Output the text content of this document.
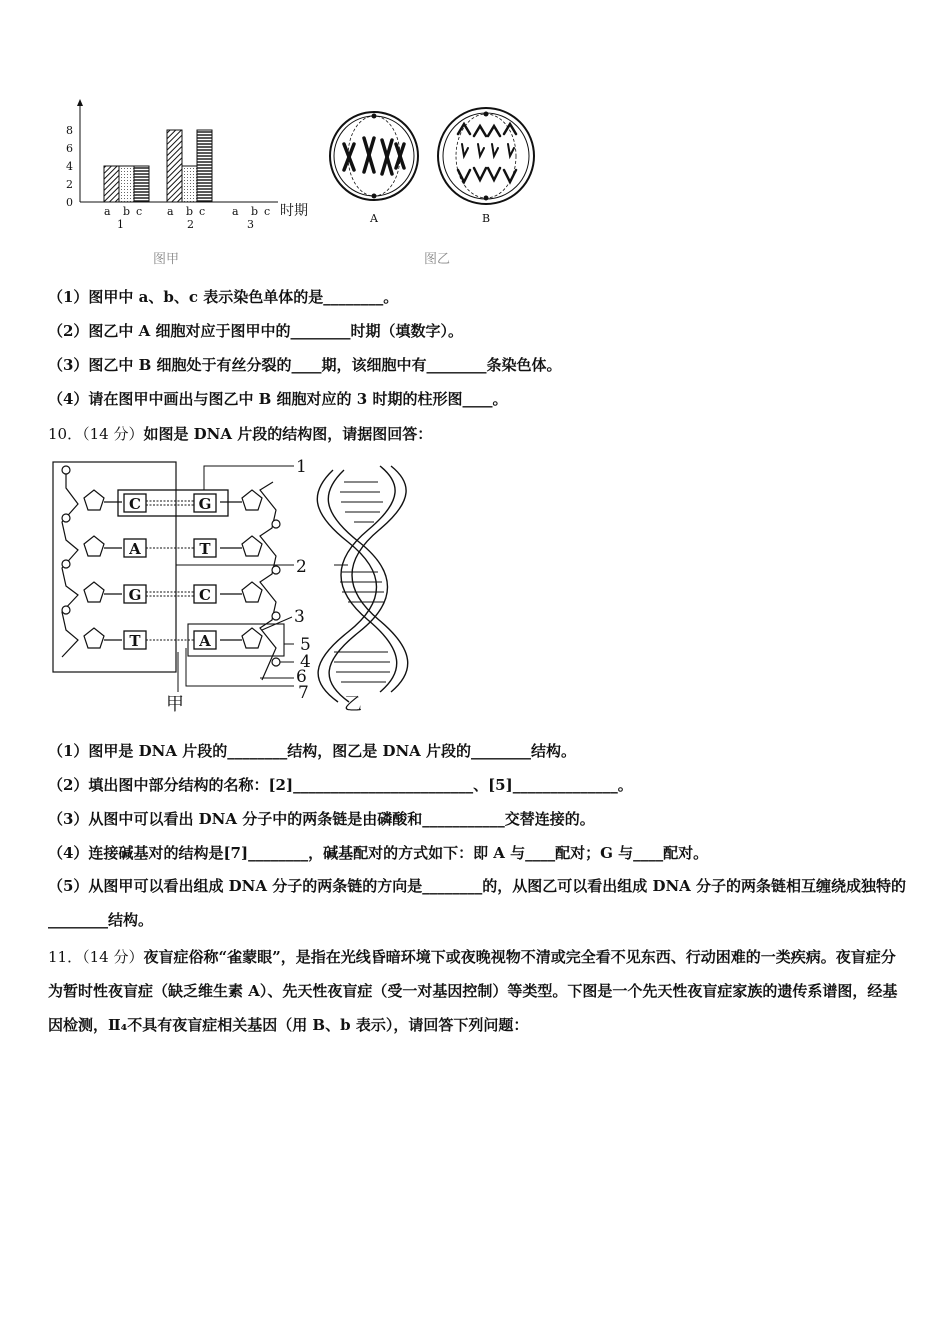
8
6
4
2
0
a b c
1
a b c
2
a b c
3
时期
图甲
A	B
图乙
（1）图甲中 a、b、c 表示染色单体的是________。
（2）图乙中 A 细胞对应于图甲中的________时期（填数字）。
（3）图乙中 B 细胞处于有丝分裂的____期，该细胞中有________条染色体。
（4）请在图甲中画出与图乙中 B 细胞对应的 3 时期的柱形图____。
10．（14 分）如图是 DNA 片段的结构图，请据图回答：
C
A
G
T
G
T
C
A
1
2
3
5
4
6
7
甲	乙
（1）图甲是 DNA 片段的________结构，图乙是 DNA 片段的________结构。
（2）填出图中部分结构的名称：[2]________________________、[5]______________。
（3）从图中可以看出 DNA 分子中的两条链是由磷酸和___________交替连接的。
（4）连接碱基对的结构是[7]________，碱基配对的方式如下：即 A 与____配对；G 与____配对。
（5）从图甲可以看出组成 DNA 分子的两条链的方向是________的，从图乙可以看出组成 DNA 分子的两条链相互缠绕成独特的________结构。
11．（14 分）夜盲症俗称“雀蒙眼”，是指在光线昏暗环境下或夜晚视物不清或完全看不见东西、行动困难的一类疾病。夜盲症分为暂时性夜盲症（缺乏维生素 A）、先天性夜盲症（受一对基因控制）等类型。下图是一个先天性夜盲症家族的遗传系谱图，经基因检测，Ⅱ₄不具有夜盲症相关基因（用 B、b 表示），请回答下列问题：
